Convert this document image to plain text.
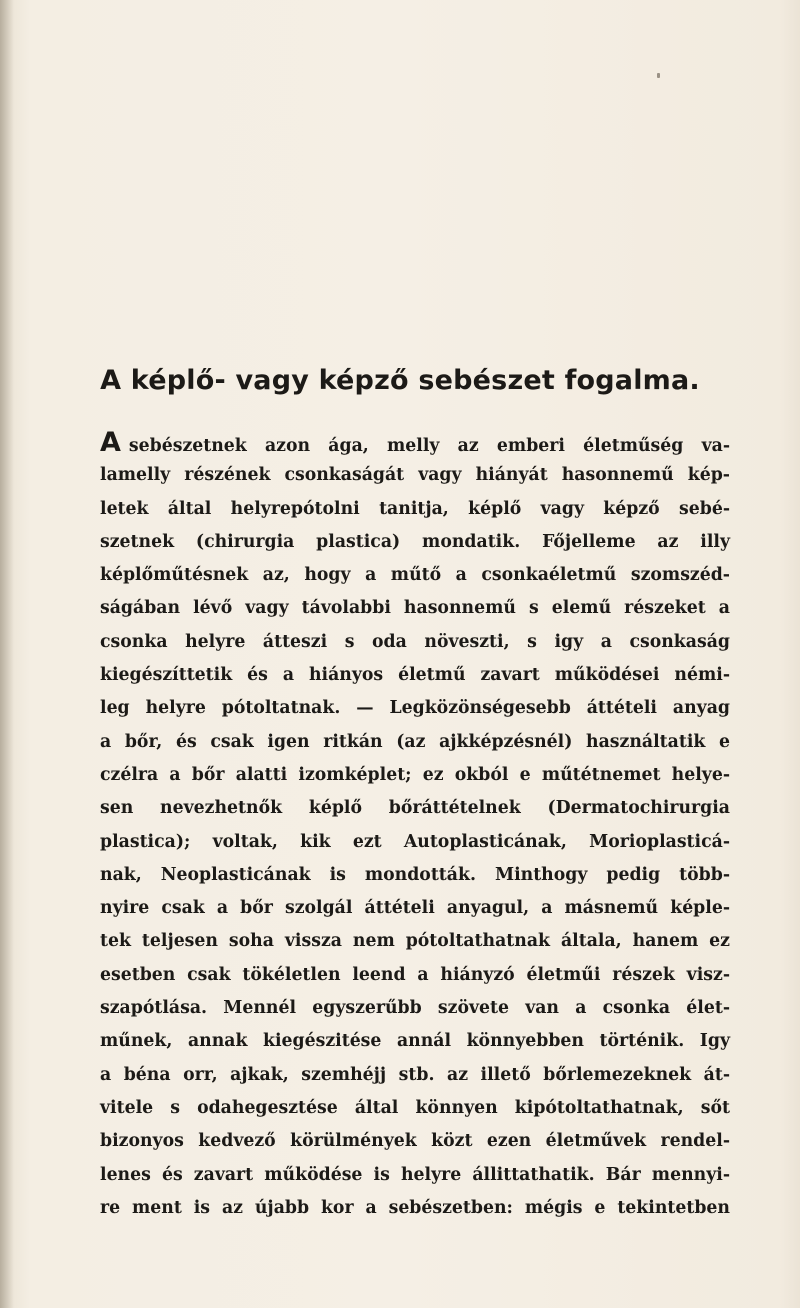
A képlő- vagy képző sebészet fogalma.
Asebészetnek azon ága, melly az emberi életműség va-
lamelly részének csonkaságát vagy hiányát hasonnemű kép-
letek által helyrepótolni tanitja, képlő vagy képző sebé-
szetnek (chirurgia plastica) mondatik. Főjelleme az illy
képlőműtésnek az, hogy a műtő a csonkaéletmű szomszéd-
ságában lévő vagy távolabbi hasonnemű s elemű részeket a
csonka helyre átteszi s oda növeszti, s igy a csonkaság
kiegészíttetik és a hiányos életmű zavart működései némi-
leg helyre pótoltatnak. — Legközönségesebb áttételi anyag
a bőr, és csak igen ritkán (az ajkképzésnél) használtatik e
czélra a bőr alatti izomképlet; ez okból e műtétnemet helye-
sen nevezhetnők képlő bőráttételnek (Dermatochirurgia
plastica); voltak, kik ezt Autoplasticának, Morioplasticá-
nak, Neoplasticának is mondották. Minthogy pedig több-
nyire csak a bőr szolgál áttételi anyagul, a másnemű képle-
tek teljesen soha vissza nem pótoltathatnak általa, hanem ez
esetben csak tökéletlen leend a hiányzó életműi részek visz-
szapótlása. Mennél egyszerűbb szövete van a csonka élet-
műnek, annak kiegészitése annál könnyebben történik. Igy
a béna orr, ajkak, szemhéjj stb. az illető bőrlemezeknek át-
vitele s odahegesztése által könnyen kipótoltathatnak, sőt
bizonyos kedvező körülmények közt ezen életművek rendel-
lenes és zavart működése is helyre állittathatik. Bár mennyi-
re ment is az újabb kor a sebészetben: mégis e tekintetben
